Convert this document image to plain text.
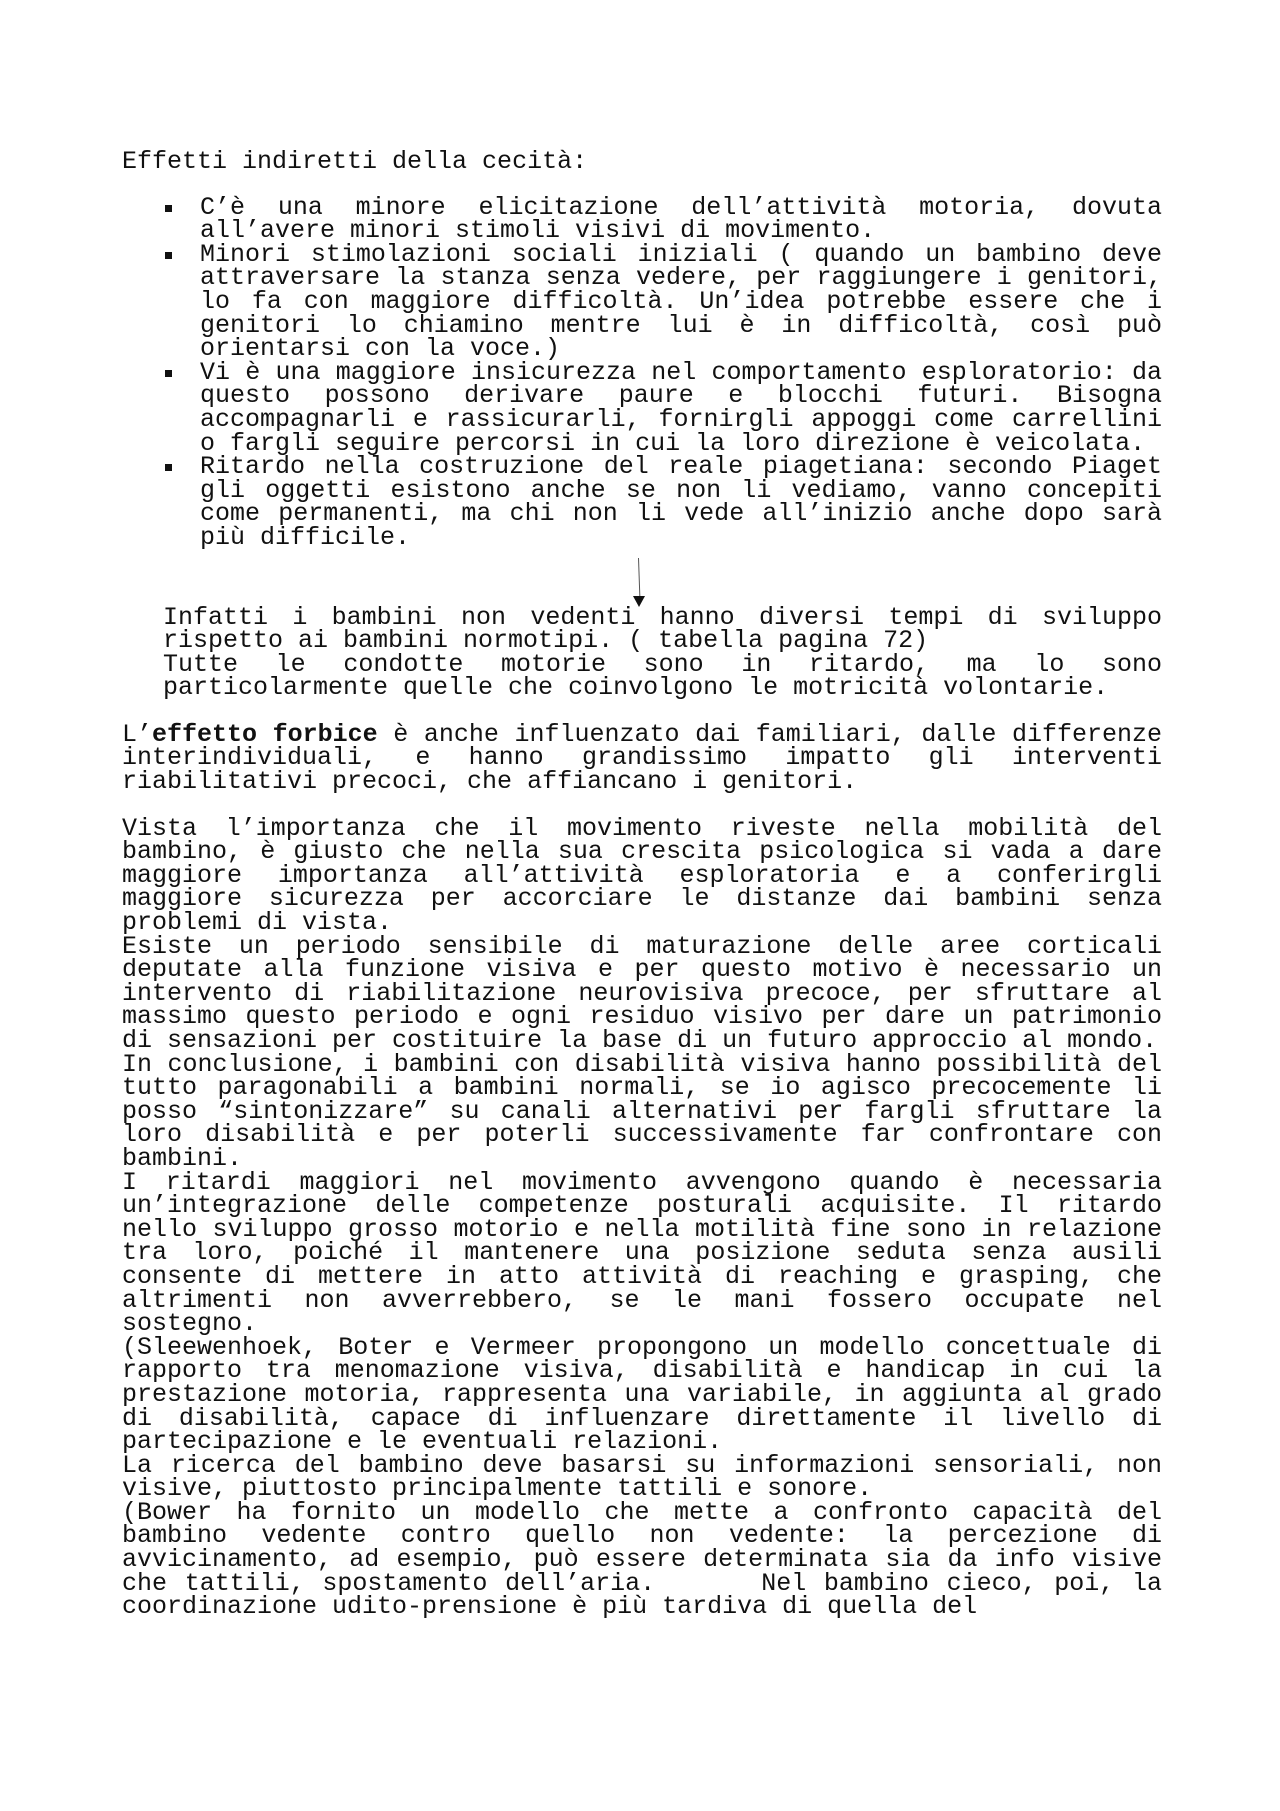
Effetti indiretti della cecità:

C’è una minore elicitazione dell’attività motoria, dovuta all’avere minori stimoli visivi di movimento.
Minori stimolazioni sociali iniziali ( quando un bambino deve attraversare la stanza senza vedere, per raggiungere i genitori, lo fa con maggiore difficoltà. Un’idea potrebbe essere che i genitori lo chiamino mentre lui è in difficoltà, così può orientarsi con la voce.)
Vi è una maggiore insicurezza nel comportamento esploratorio: da questo possono derivare paure e blocchi futuri. Bisogna accompagnarli e rassicurarli, fornirgli appoggi come carrellini o fargli seguire percorsi in cui la loro direzione è veicolata.
Ritardo nella costruzione del reale piagetiana: secondo Piaget gli oggetti esistono anche se non li vediamo, vanno concepiti come permanenti, ma chi non li vede all’inizio anche dopo sarà più difficile.

Infatti i bambini non vedenti hanno diversi tempi di sviluppo rispetto ai bambini normotipi. ( tabella pagina 72)
Tutte le condotte motorie sono in ritardo, ma lo sono particolarmente quelle che coinvolgono le motricità volontarie.

L’effetto forbice è anche influenzato dai familiari, dalle differenze interindividuali, e hanno grandissimo impatto gli interventi riabilitativi precoci, che affiancano i genitori.

Vista l’importanza che il movimento riveste nella mobilità del bambino, è giusto che nella sua crescita psicologica si vada a dare maggiore importanza all’attività esploratoria e a conferirgli maggiore sicurezza per accorciare le distanze dai bambini senza problemi di vista.

Esiste un periodo sensibile di maturazione delle aree corticali deputate alla funzione visiva e per questo motivo è necessario un intervento di riabilitazione neurovisiva precoce, per sfruttare al massimo questo periodo e ogni residuo visivo per dare un patrimonio di sensazioni per costituire la base di un futuro approccio al mondo.

In conclusione, i bambini con disabilità visiva hanno possibilità del tutto paragonabili a bambini normali, se io agisco precocemente li posso “sintonizzare” su canali alternativi per fargli sfruttare la loro disabilità e per poterli successivamente far confrontare con bambini.

I ritardi maggiori nel movimento avvengono quando è necessaria un’integrazione delle competenze posturali acquisite. Il ritardo nello sviluppo grosso motorio e nella motilità fine sono in relazione tra loro, poiché il mantenere una posizione seduta senza ausili consente di mettere in atto attività di reaching e grasping, che altrimenti non avverrebbero, se le mani fossero occupate nel sostegno.

(Sleewenhoek, Boter e Vermeer propongono un modello concettuale di rapporto tra menomazione visiva, disabilità e handicap in cui la prestazione motoria, rappresenta una variabile, in aggiunta al grado di disabilità, capace di influenzare direttamente il livello di partecipazione e le eventuali relazioni.

La ricerca del bambino deve basarsi su informazioni sensoriali, non visive, piuttosto principalmente tattili e sonore.

(Bower ha fornito un modello che mette a confronto capacità del bambino vedente contro quello non vedente: la percezione di avvicinamento, ad esempio, può essere determinata sia da info visive che tattili, spostamento dell’aria.      Nel bambino cieco, poi, la coordinazione udito-prensione è più tardiva di quella del
